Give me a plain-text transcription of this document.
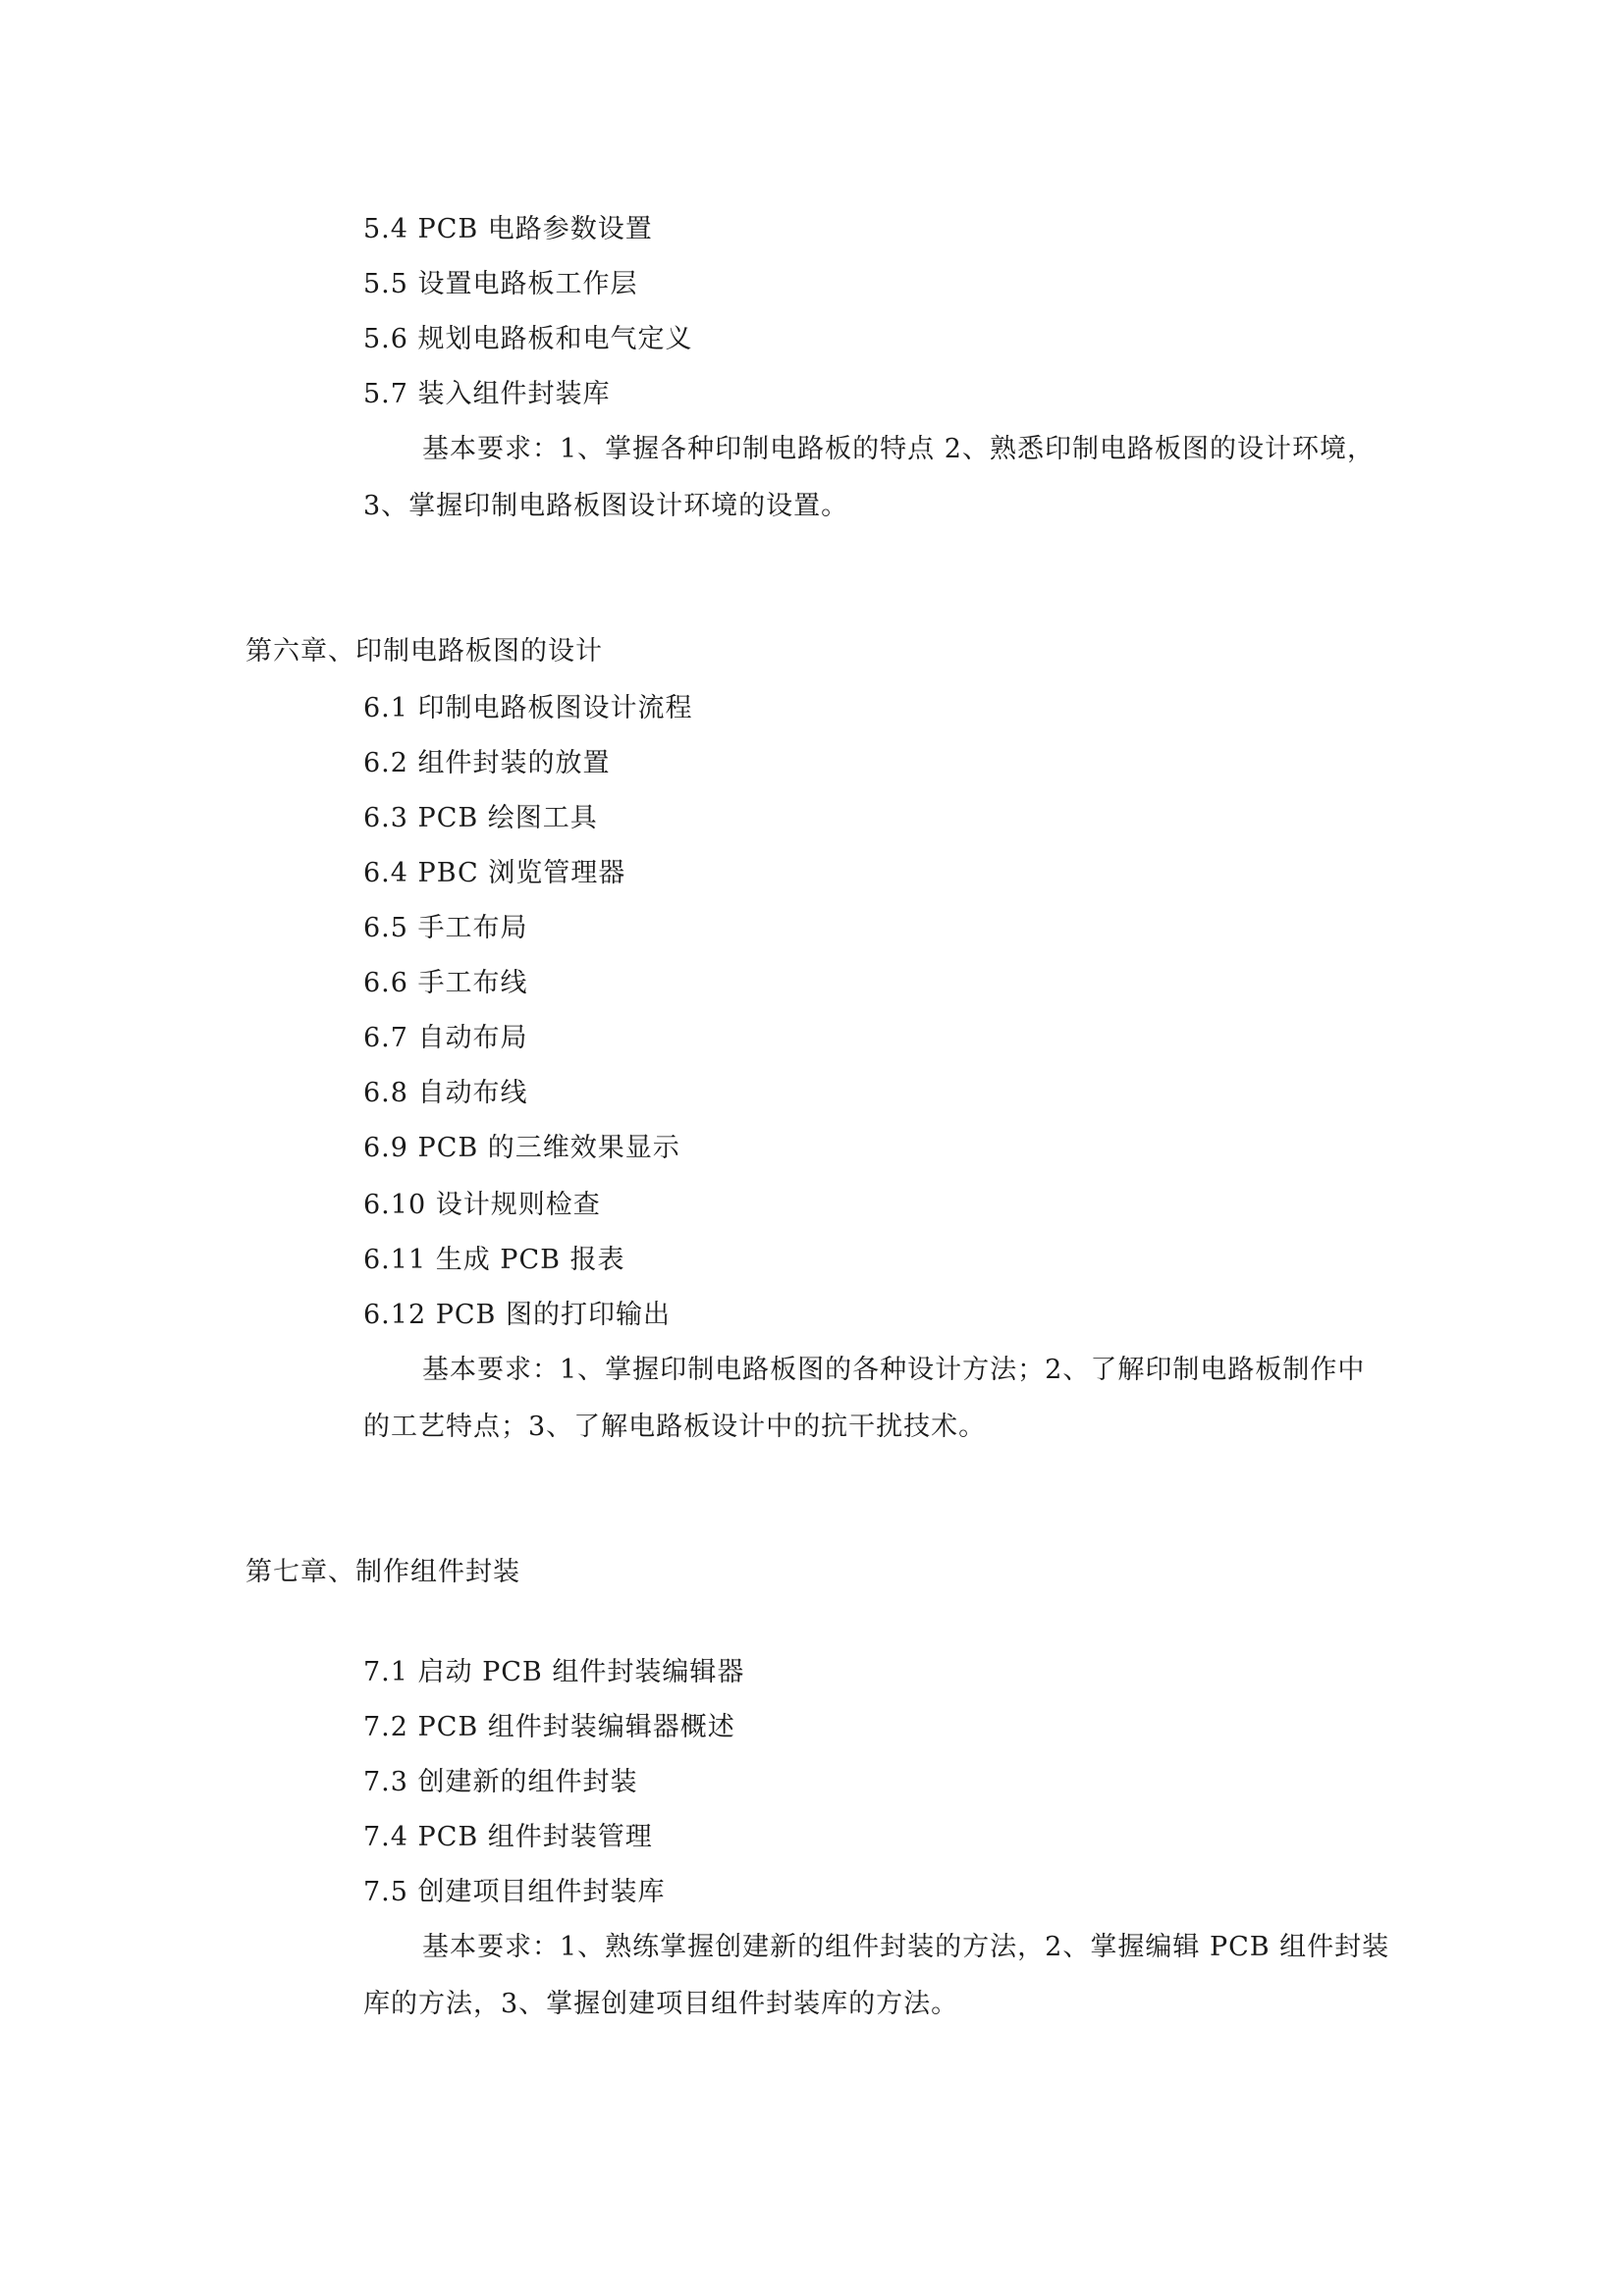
5.4 PCB 电路参数设置
5.5 设置电路板工作层
5.6 规划电路板和电气定义
5.7 装入组件封装库
基本要求：1、掌握各种印制电路板的特点 2、熟悉印制电路板图的设计环境，
3、掌握印制电路板图设计环境的设置。
第六章、印制电路板图的设计
6.1 印制电路板图设计流程
6.2 组件封装的放置
6.3 PCB 绘图工具
6.4 PBC 浏览管理器
6.5 手工布局
6.6 手工布线
6.7 自动布局
6.8 自动布线
6.9 PCB 的三维效果显示
6.10 设计规则检查
6.11 生成 PCB 报表
6.12 PCB 图的打印输出
基本要求：1、掌握印制电路板图的各种设计方法；2、了解印制电路板制作中
的工艺特点；3、了解电路板设计中的抗干扰技术。
第七章、制作组件封装
7.1 启动 PCB 组件封装编辑器
7.2 PCB 组件封装编辑器概述
7.3 创建新的组件封装
7.4 PCB 组件封装管理
7.5 创建项目组件封装库
基本要求：1、熟练掌握创建新的组件封装的方法，2、掌握编辑 PCB 组件封装
库的方法，3、掌握创建项目组件封装库的方法。
